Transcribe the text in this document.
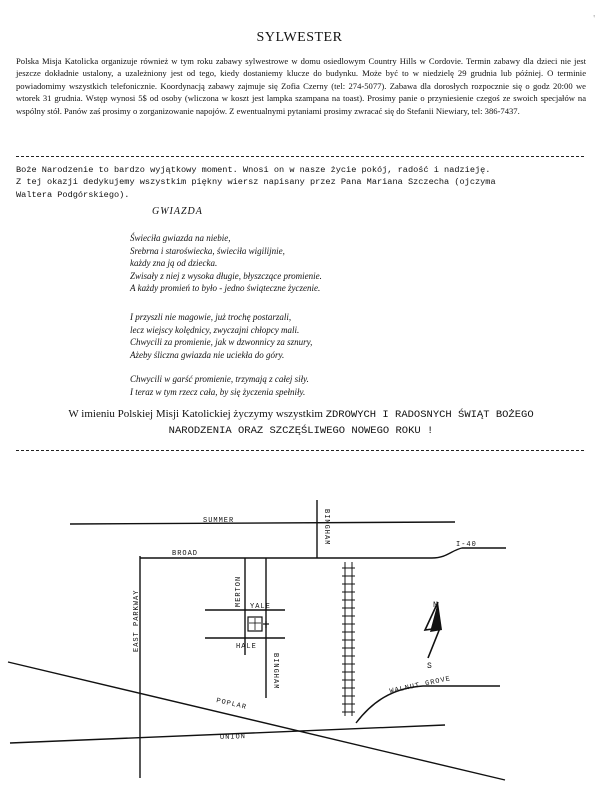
'
SYLWESTER
Polska Misja Katolicka organizuje również w tym roku zabawy sylwestrowe w domu osiedlowym Country Hills w Cordovie. Termin zabawy dla dzieci nie jest jeszcze dokładnie ustalony, a uzależniony jest od tego, kiedy dostaniemy klucze do budynku. Może być to w niedzielę 29 grudnia lub później. O terminie powiadomimy wszystkich telefonicznie. Koordynacją zabawy zajmuje się Zofia Czerny (tel: 274-5077). Zabawa dla dorosłych rozpocznie się o godz 20:00 we wtorek 31 grudnia. Wstęp wynosi 5$ od osoby (wliczona w koszt jest lampka szampana na toast). Prosimy panie o przyniesienie czegoś ze swoich specjałów na wspólny stół. Panów zaś prosimy o zorganizowanie napojów. Z ewentualnymi pytaniami prosimy zwracać się do Stefanii Niewiary, tel: 386-7437.
Boże Narodzenie to bardzo wyjątkowy moment. Wnosi on w nasze życie pokój, radość i nadzieję.
Z tej okazji dedykujemy wszystkim piękny wiersz napisany przez Pana Mariana Szczecha (ojczyma
Waltera Podgórskiego).
GWIAZDA
Świeciła gwiazda na niebie,
Srebrna i staroświecka, świeciła wigilijnie,
każdy zna ją od dziecka.
Zwisały z niej z wysoka długie, błyszczące promienie.
A każdy promień to było - jedno świąteczne życzenie.
I przyszli nie magowie, już trochę postarzali,
lecz wiejscy kolędnicy, zwyczajni chłopcy mali.
Chwycili za promienie, jak w dzwonnicy za sznury,
Ażeby śliczna gwiazda nie uciekła do góry.
Chwycili w garść promienie, trzymają z całej siły.
I teraz w tym rzecz cała, by się życzenia spełniły.
W imieniu Polskiej Misji Katolickiej życzymy wszystkim ZDROWYCH I RADOSNYCH ŚWIĄT BOŻEGO
NARODZENIA ORAZ SZCZĘŚLIWEGO NOWEGO ROKU !
N
S
SUMMER
BROAD
I-40
BINGHAM
MERTON YALE
HALE
BINGHAM
EAST PARKWAY
POPLAR
UNION
WALNUT GROVE
